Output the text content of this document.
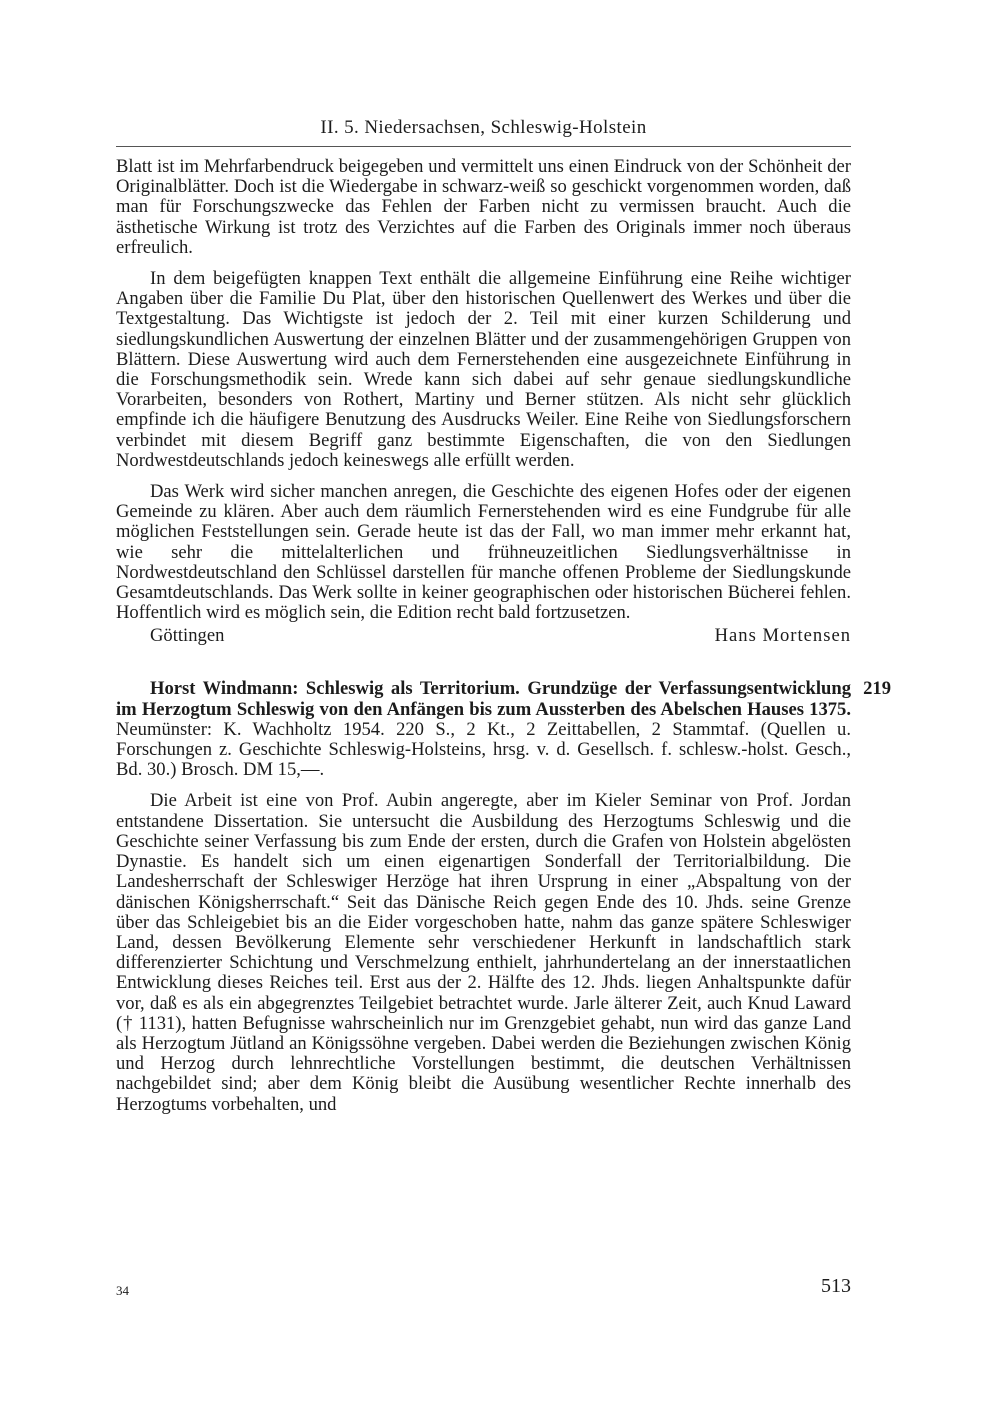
II. 5. Niedersachsen, Schleswig-Holstein

Blatt ist im Mehrfarbendruck beigegeben und vermittelt uns einen Eindruck von der Schönheit der Originalblätter. Doch ist die Wiedergabe in schwarz-weiß so geschickt vorgenommen worden, daß man für Forschungszwecke das Fehlen der Farben nicht zu vermissen braucht. Auch die ästhetische Wirkung ist trotz des Verzichtes auf die Farben des Originals immer noch überaus erfreulich.

In dem beigefügten knappen Text enthält die allgemeine Einführung eine Reihe wichtiger Angaben über die Familie Du Plat, über den historischen Quellenwert des Werkes und über die Textgestaltung. Das Wichtigste ist jedoch der 2. Teil mit einer kurzen Schilderung und siedlungskundlichen Auswertung der einzelnen Blätter und der zusammengehörigen Gruppen von Blättern. Diese Auswertung wird auch dem Fernerstehenden eine ausgezeichnete Einführung in die Forschungsmethodik sein. Wrede kann sich dabei auf sehr genaue siedlungskundliche Vorarbeiten, besonders von Rothert, Martiny und Berner stützen. Als nicht sehr glücklich empfinde ich die häufigere Benutzung des Ausdrucks Weiler. Eine Reihe von Siedlungsforschern verbindet mit diesem Begriff ganz bestimmte Eigenschaften, die von den Siedlungen Nordwestdeutschlands jedoch keineswegs alle erfüllt werden.

Das Werk wird sicher manchen anregen, die Geschichte des eigenen Hofes oder der eigenen Gemeinde zu klären. Aber auch dem räumlich Fernerstehenden wird es eine Fundgrube für alle möglichen Feststellungen sein. Gerade heute ist das der Fall, wo man immer mehr erkannt hat, wie sehr die mittelalterlichen und frühneuzeitlichen Siedlungsverhältnisse in Nordwestdeutschland den Schlüssel darstellen für manche offenen Probleme der Siedlungskunde Gesamtdeutschlands. Das Werk sollte in keiner geographischen oder historischen Bücherei fehlen. Hoffentlich wird es möglich sein, die Edition recht bald fortzusetzen.

Göttingen	Hans Mortensen
219

Horst Windmann: Schleswig als Territorium. Grundzüge der Verfassungsentwicklung im Herzogtum Schleswig von den Anfängen bis zum Aussterben des Abelschen Hauses 1375. Neumünster: K. Wachholtz 1954. 220 S., 2 Kt., 2 Zeittabellen, 2 Stammtaf. (Quellen u. Forschungen z. Geschichte Schleswig-Holsteins, hrsg. v. d. Gesellsch. f. schlesw.-holst. Gesch., Bd. 30.) Brosch. DM 15,—.

Die Arbeit ist eine von Prof. Aubin angeregte, aber im Kieler Seminar von Prof. Jordan entstandene Dissertation. Sie untersucht die Ausbildung des Herzogtums Schleswig und die Geschichte seiner Verfassung bis zum Ende der ersten, durch die Grafen von Holstein abgelösten Dynastie. Es handelt sich um einen eigenartigen Sonderfall der Territorialbildung. Die Landesherrschaft der Schleswiger Herzöge hat ihren Ursprung in einer „Abspaltung von der dänischen Königsherrschaft.“ Seit das Dänische Reich gegen Ende des 10. Jhds. seine Grenze über das Schleigebiet bis an die Eider vorgeschoben hatte, nahm das ganze spätere Schleswiger Land, dessen Bevölkerung Elemente sehr verschiedener Herkunft in landschaftlich stark differenzierter Schichtung und Verschmelzung enthielt, jahrhundertelang an der innerstaatlichen Entwicklung dieses Reiches teil. Erst aus der 2. Hälfte des 12. Jhds. liegen Anhaltspunkte dafür vor, daß es als ein abgegrenztes Teilgebiet betrachtet wurde. Jarle älterer Zeit, auch Knud Laward († 1131), hatten Befugnisse wahrscheinlich nur im Grenzgebiet gehabt, nun wird das ganze Land als Herzogtum Jütland an Königssöhne vergeben. Dabei werden die Beziehungen zwischen König und Herzog durch lehnrechtliche Vorstellungen bestimmt, die deutschen Verhältnissen nachgebildet sind; aber dem König bleibt die Ausübung wesentlicher Rechte innerhalb des Herzogtums vorbehalten, und

34	513
